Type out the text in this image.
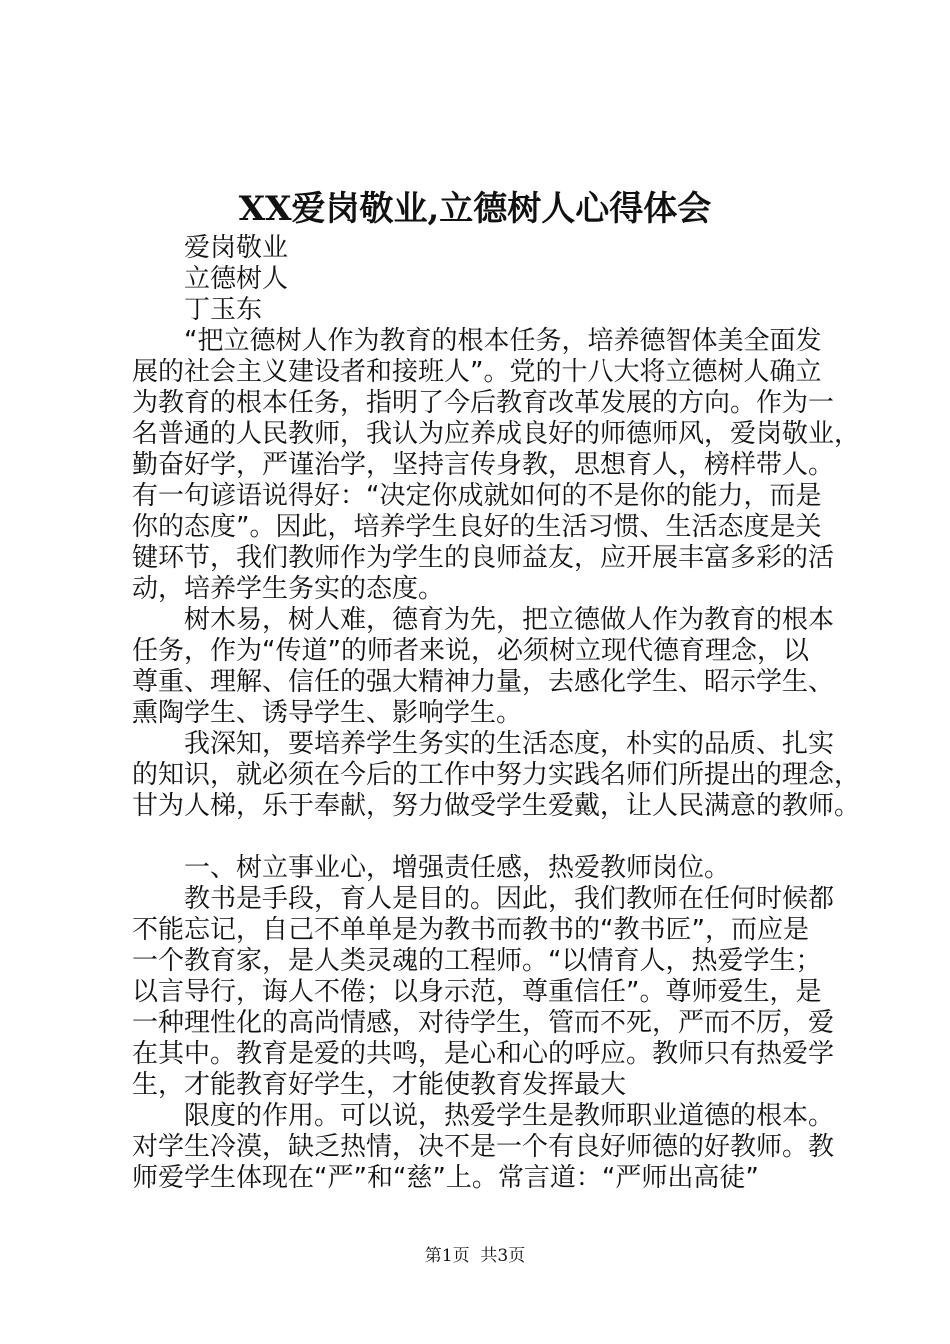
XX爱岗敬业,立德树人心得体会
爱岗敬业
立德树人
丁玉东
“把立德树人作为教育的根本任务，培养德智体美全面发
展的社会主义建设者和接班人”。党的十八大将立德树人确立
为教育的根本任务，指明了今后教育改革发展的方向。作为一
名普通的人民教师，我认为应养成良好的师德师风，爱岗敬业，
勤奋好学，严谨治学，坚持言传身教，思想育人，榜样带人。
有一句谚语说得好：“决定你成就如何的不是你的能力，而是
你的态度”。因此，培养学生良好的生活习惯、生活态度是关
键环节，我们教师作为学生的良师益友，应开展丰富多彩的活
动，培养学生务实的态度。
树木易，树人难，德育为先，把立德做人作为教育的根本
任务，作为“传道”的师者来说，必须树立现代德育理念，以
尊重、理解、信任的强大精神力量，去感化学生、昭示学生、
熏陶学生、诱导学生、影响学生。
我深知，要培养学生务实的生活态度，朴实的品质、扎实
的知识，就必须在今后的工作中努力实践名师们所提出的理念，
甘为人梯，乐于奉献，努力做受学生爱戴，让人民满意的教师。
一、树立事业心，增强责任感，热爱教师岗位。
教书是手段，育人是目的。因此，我们教师在任何时候都
不能忘记，自己不单单是为教书而教书的“教书匠”，而应是
一个教育家，是人类灵魂的工程师。“以情育人，热爱学生；
以言导行，诲人不倦；以身示范，尊重信任”。尊师爱生，是
一种理性化的高尚情感，对待学生，管而不死，严而不厉，爱
在其中。教育是爱的共鸣，是心和心的呼应。教师只有热爱学
生，才能教育好学生，才能使教育发挥最大
限度的作用。可以说，热爱学生是教师职业道德的根本。
对学生冷漠，缺乏热情，决不是一个有良好师德的好教师。教
师爱学生体现在“严”和“慈”上。常言道：“严师出高徒”
第1页  共3页
